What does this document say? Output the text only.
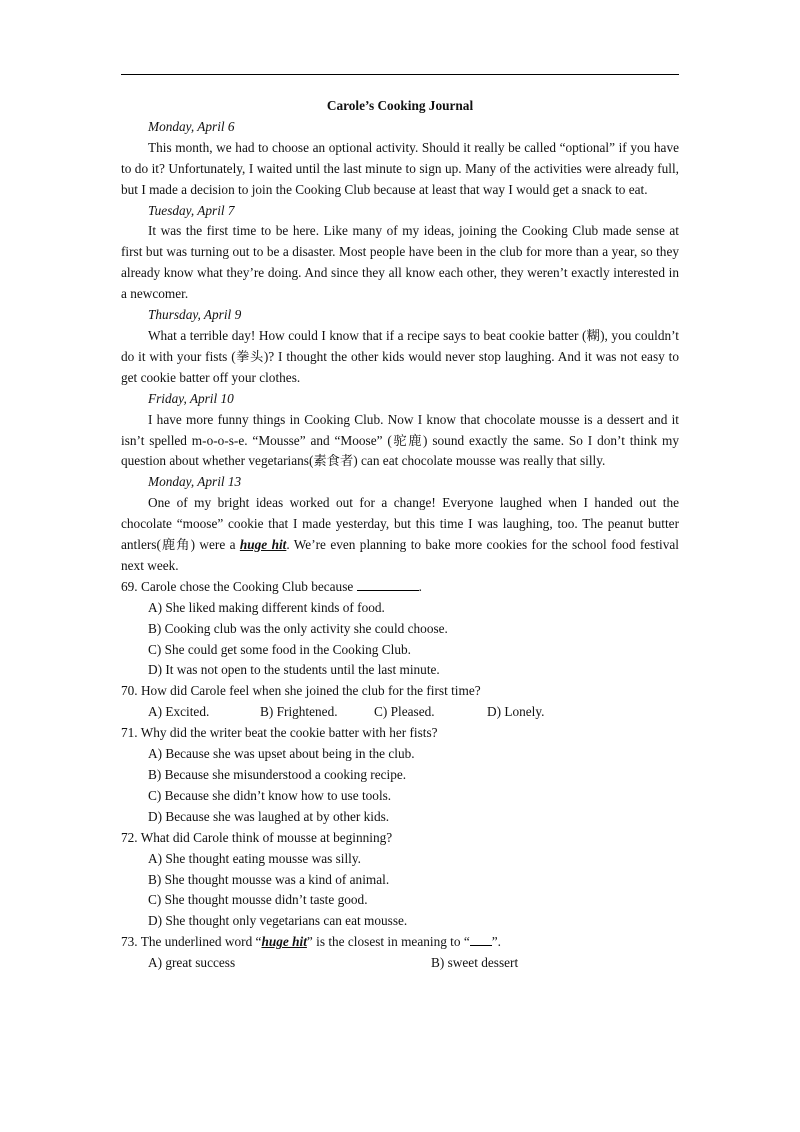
Carole’s Cooking Journal

Monday, April 6

This month, we had to choose an optional activity. Should it really be called “optional” if you have to do it? Unfortunately, I waited until the last minute to sign up. Many of the activities were already full, but I made a decision to join the Cooking Club because at least that way I would get a snack to eat.

Tuesday, April 7

It was the first time to be here. Like many of my ideas, joining the Cooking Club made sense at first but was turning out to be a disaster. Most people have been in the club for more than a year, so they already know what they’re doing. And since they all know each other, they weren’t exactly interested in a newcomer.

Thursday, April 9

What a terrible day! How could I know that if a recipe says to beat cookie batter (糊), you couldn’t do it with your fists (拳头)? I thought the other kids would never stop laughing. And it was not easy to get cookie batter off your clothes.

Friday, April 10

I have more funny things in Cooking Club. Now I know that chocolate mousse is a dessert and it isn’t spelled m-o-o-s-e. “Mousse” and “Moose” (驼鹿) sound exactly the same. So I don’t think my question about whether vegetarians(素食者) can eat chocolate mousse was really that silly.

Monday, April 13

One of my bright ideas worked out for a change! Everyone laughed when I handed out the chocolate “moose” cookie that I made yesterday, but this time I was laughing, too. The peanut butter antlers(鹿角) were a huge hit. We’re even planning to bake more cookies for the school food festival next week.

69. Carole chose the Cooking Club because	.

A) She liked making different kinds of food.

B) Cooking club was the only activity she could choose.

C) She could get some food in the Cooking Club.

D) It was not open to the students until the last minute.

70. How did Carole feel when she joined the club for the first time?

A) Excited.	B) Frightened.	C) Pleased.	D) Lonely.

71. Why did the writer beat the cookie batter with her fists?

A) Because she was upset about being in the club.

B) Because she misunderstood a cooking recipe.

C) Because she didn’t know how to use tools.

D) Because she was laughed at by other kids.

72. What did Carole think of mousse at beginning?

A) She thought eating mousse was silly.

B) She thought mousse was a kind of animal.

C) She thought mousse didn’t taste good.

D) She thought only vegetarians can eat mousse.

73. The underlined word “huge hit” is the closest in meaning to “ ”.

A) great success	B) sweet dessert
